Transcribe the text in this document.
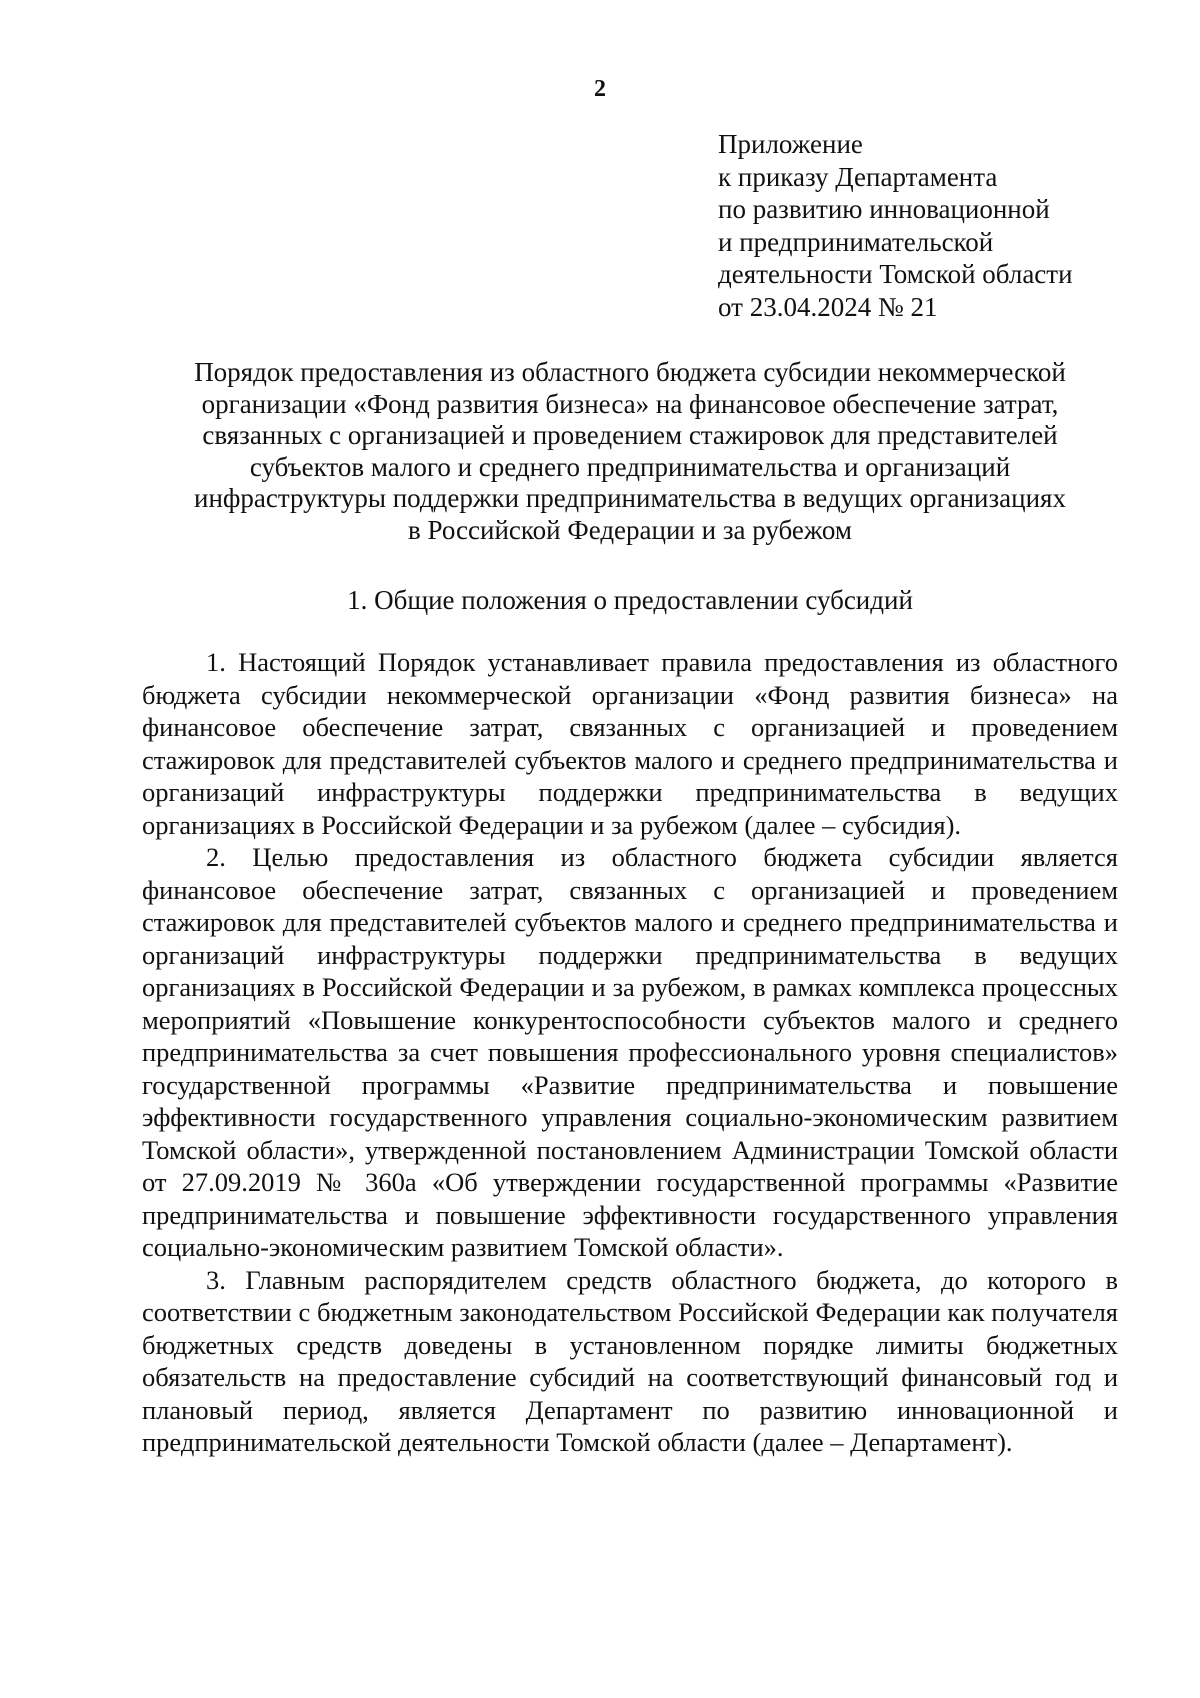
2
Приложение
к приказу Департамента
по развитию инновационной
и предпринимательской
деятельности Томской области
от 23.04.2024 № 21
Порядок предоставления из областного бюджета субсидии некоммерческой
организации «Фонд развития бизнеса» на финансовое обеспечение затрат,
связанных с организацией и проведением стажировок для представителей
субъектов малого и среднего предпринимательства и организаций
инфраструктуры поддержки предпринимательства в ведущих организациях
в Российской Федерации и за рубежом
1. Общие положения о предоставлении субсидий

1. Настоящий Порядок устанавливает правила предоставления из областного бюджета субсидии некоммерческой организации «Фонд развития бизнеса» на финансовое обеспечение затрат, связанных с организацией и проведением стажировок для представителей субъектов малого и среднего предпринимательства и организаций инфраструктуры поддержки предпринимательства в ведущих организациях в Российской Федерации и за рубежом (далее – субсидия).

2. Целью предоставления из областного бюджета субсидии является финансовое обеспечение затрат, связанных с организацией и проведением стажировок для представителей субъектов малого и среднего предпринимательства и организаций инфраструктуры поддержки предпринимательства в ведущих организациях в Российской Федерации и за рубежом, в рамках комплекса процессных мероприятий «Повышение конкурентоспособности субъектов малого и среднего предпринимательства за счет повышения профессионального уровня специалистов» государственной программы «Развитие предпринимательства и повышение эффективности государственного управления социально-экономическим развитием Томской области», утвержденной постановлением Администрации Томской области от 27.09.2019 № 360а «Об утверждении государственной программы «Развитие предпринимательства и повышение эффективности государственного управления социально-экономическим развитием Томской области».

3. Главным распорядителем средств областного бюджета, до которого в соответствии с бюджетным законодательством Российской Федерации как получателя бюджетных средств доведены в установленном порядке лимиты бюджетных обязательств на предоставление субсидий на соответствующий финансовый год и плановый период, является Департамент по развитию инновационной и предпринимательской деятельности Томской области (далее – Департамент).
